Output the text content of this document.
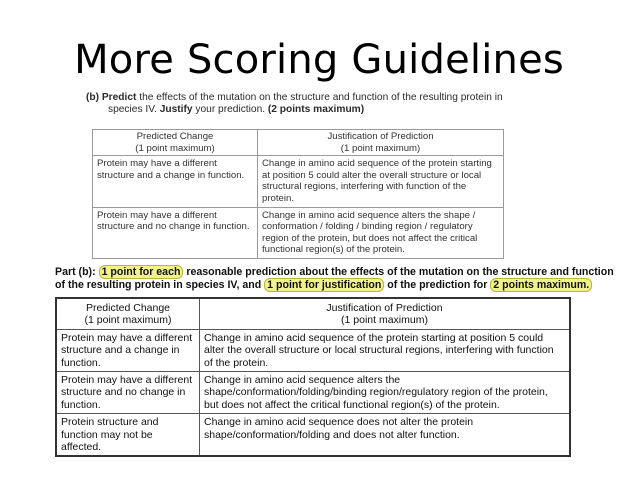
More Scoring Guidelines
(b) Predict the effects of the mutation on the structure and function of the resulting protein in
species IV. Justify your prediction. (2 points maximum)
Predicted Change
(1 point maximum)	Justification of Prediction
(1 point maximum)

Protein may have a different structure and a change in function.	Change in amino acid sequence of the protein starting at position 5 could alter the overall structure or local structural regions, interfering with function of the protein.
Protein may have a different structure and no change in function.	Change in amino acid sequence alters the shape / conformation / folding / binding region / regulatory region of the protein, but does not affect the critical functional region(s) of the protein.
Part (b): 1 point for each reasonable prediction about the effects of the mutation on the structure and function
of the resulting protein in species IV, and 1 point for justification of the prediction for 2 points maximum.
Predicted Change
(1 point maximum)	Justification of Prediction
(1 point maximum)

Protein may have a different structure and a change in function.	Change in amino acid sequence of the protein starting at position 5 could alter the overall structure or local structural regions, interfering with function of the protein.
Protein may have a different structure and no change in function.	Change in amino acid sequence alters the shape/conformation/folding/binding region/regulatory region of the protein, but does not affect the critical functional region(s) of the protein.
Protein structure and function may not be affected.	Change in amino acid sequence does not alter the protein shape/conformation/folding and does not alter function.
